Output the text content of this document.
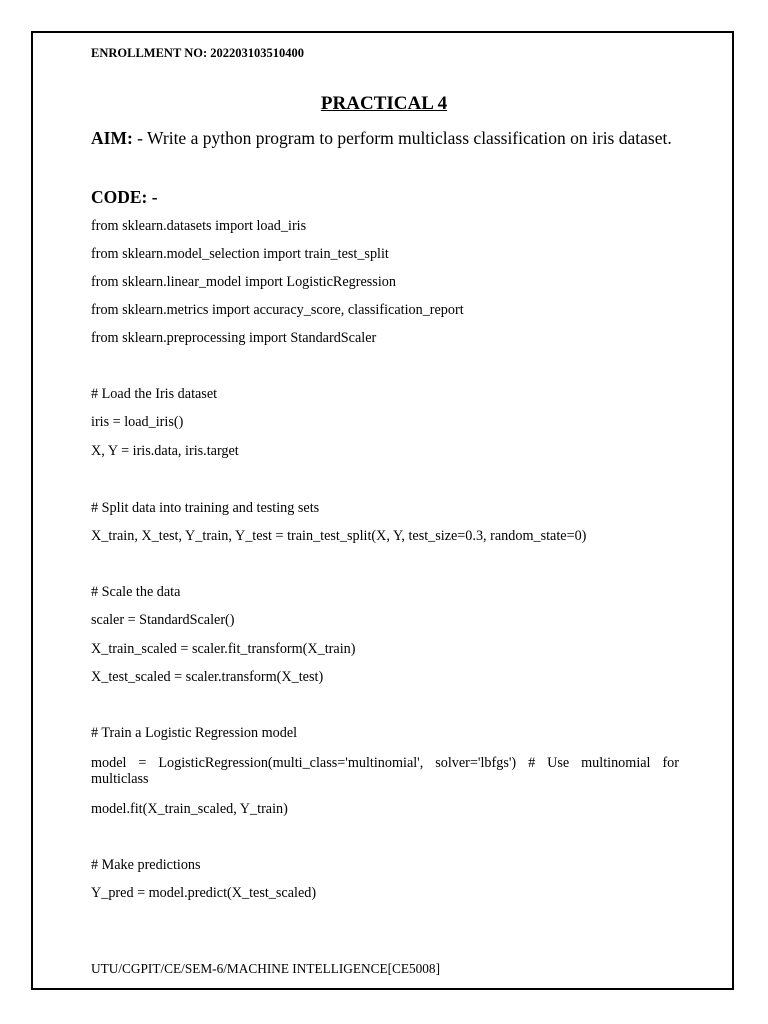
ENROLLMENT NO: 202203103510400
PRACTICAL 4
AIM: - Write a python program to perform multiclass classification on iris dataset.
CODE: -
from sklearn.datasets import load_iris
from sklearn.model_selection import train_test_split
from sklearn.linear_model import LogisticRegression
from sklearn.metrics import accuracy_score, classification_report
from sklearn.preprocessing import StandardScaler
# Load the Iris dataset
iris = load_iris()
X, Y = iris.data, iris.target
# Split data into training and testing sets
X_train, X_test, Y_train, Y_test = train_test_split(X, Y, test_size=0.3, random_state=0)
# Scale the data
scaler = StandardScaler()
X_train_scaled = scaler.fit_transform(X_train)
X_test_scaled = scaler.transform(X_test)
# Train a Logistic Regression model
model = LogisticRegression(multi_class='multinomial', solver='lbfgs') # Use multinomial for multiclass
model.fit(X_train_scaled, Y_train)
# Make predictions
Y_pred = model.predict(X_test_scaled)
UTU/CGPIT/CE/SEM-6/MACHINE INTELLIGENCE[CE5008]
